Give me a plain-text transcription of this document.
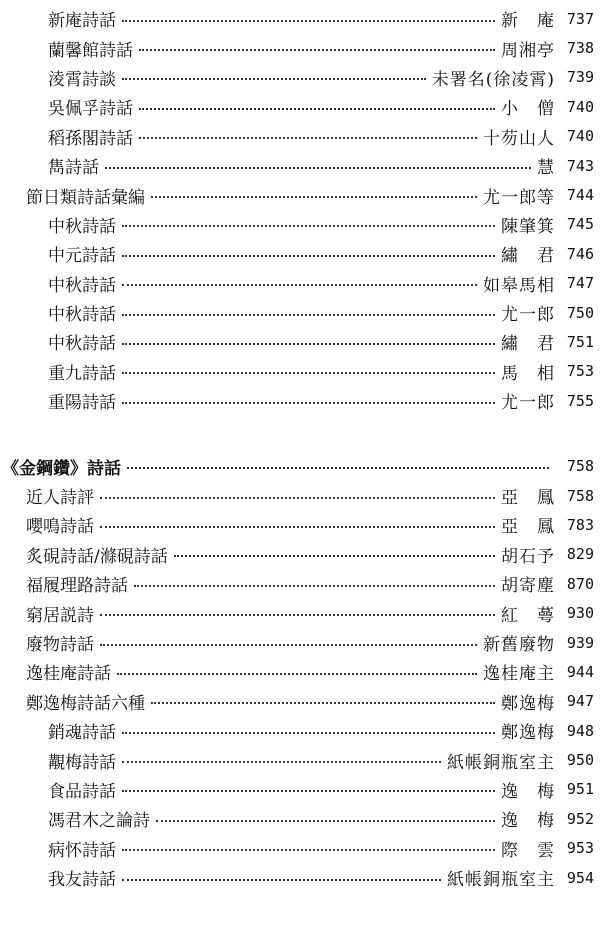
新庵詩話	新　庵 737
蘭馨館詩話	周湘亭 738
淩霄詩談	未署名(徐凌霄) 739
吳佩孚詩話	小　僧 740
稻孫閣詩話	十芴山人 740
雋詩話	慧 743
節日類詩話彙編	尤一郎等 744
中秋詩話	陳肇箕 745
中元詩話	繡　君 746
中秋詩話	如皋馬相 747
中秋詩話	尤一郎 750
中秋詩話	繡　君 751
重九詩話	馬　相 753
重陽詩話	尤一郎 755
《金鋼鑽》詩話	758
近人詩評	亞　鳳 758
嚶鳴詩話	亞　鳳 783
炙硯詩話/滌硯詩話	胡石予 829
福履理路詩話	胡寄塵 870
窮居説詩	紅　蕚 930
廢物詩話	新舊廢物 939
逸桂庵詩話	逸桂庵主 944
鄭逸梅詩話六種	鄭逸梅 947
銷魂詩話	鄭逸梅 948
覯梅詩話	紙帳銅瓶室主 950
食品詩話	逸　梅 951
馮君木之論詩	逸　梅 952
病怀詩話	際　雲 953
我友詩話	紙帳銅瓶室主 954
